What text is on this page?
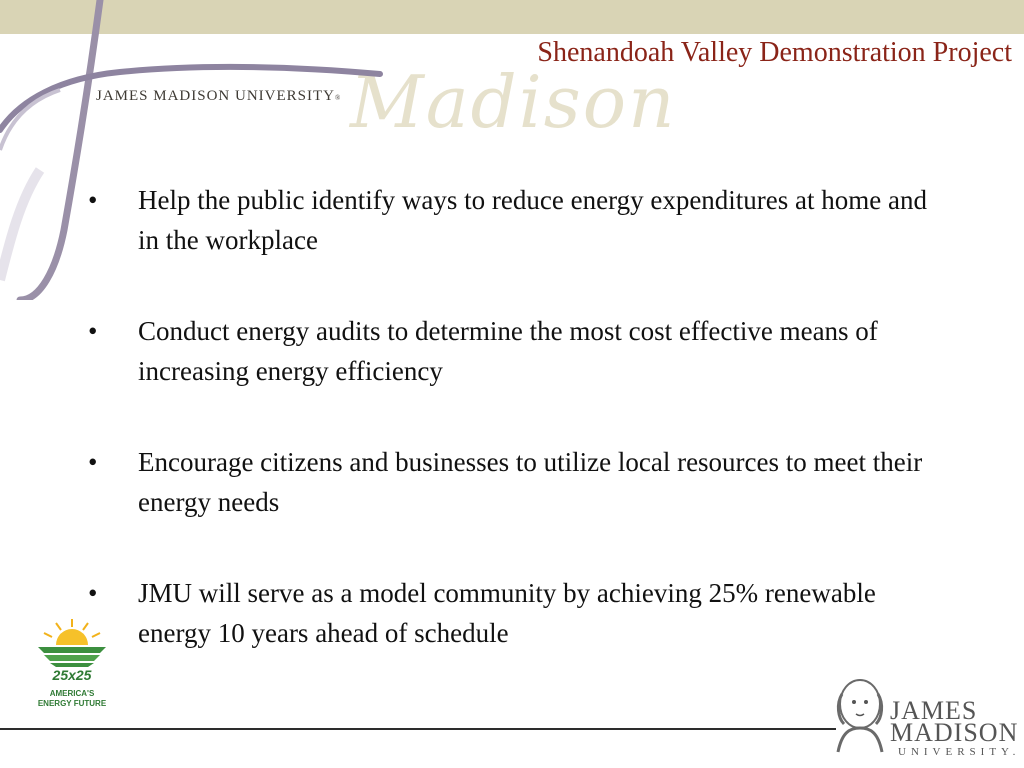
Madison
JAMES MADISON UNIVERSITY®
Shenandoah Valley Demonstration Project
• Help the public identify ways to reduce energy expenditures at home and in the workplace
• Conduct energy audits to determine the most cost effective means of increasing energy efficiency
• Encourage citizens and businesses to utilize local resources to meet their energy needs
• JMU will serve as a model community by achieving 25% renewable energy 10 years ahead of schedule
25x25
AMERICA'S
ENERGY FUTURE	JAMES
MADISON
UNIVERSITY.
